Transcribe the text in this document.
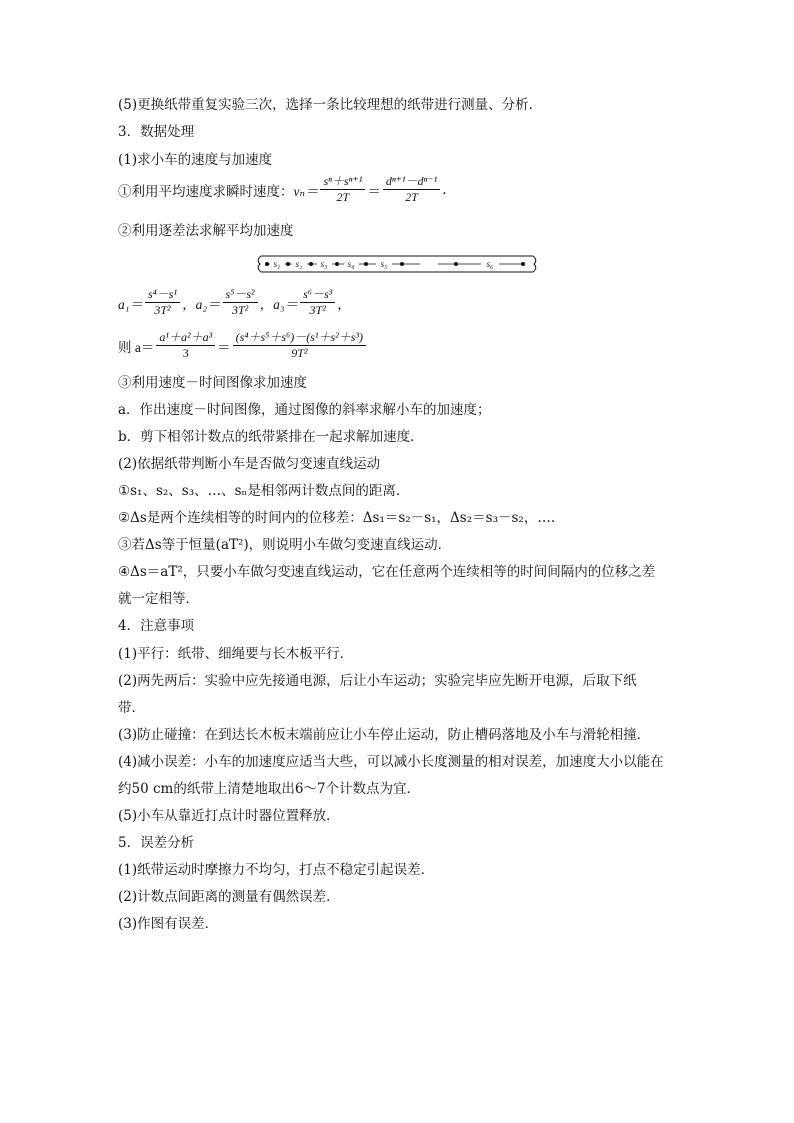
(5)更换纸带重复实验三次，选择一条比较理想的纸带进行测量、分析．
3．数据处理
(1)求小车的速度与加速度
①利用平均速度求瞬时速度： $v_n= \frac{\text{sⁿ＋sⁿ⁺¹}}{2T} = \frac{\text{dⁿ⁺¹－dⁿ⁻¹}}{2T}$ .
②利用逐差法求解平均加速度
s₁ s₂ s₃ s₄	s₅	s₆
$a_1= \frac{\text{s⁴－s¹}}{\text{3T²}}$ ，$a_2= \frac{\text{s⁵－s²}}{\text{3T²}}$ ，$a_3= \frac{\text{s⁶－s³}}{\text{3T²}}$ ，
则 $a= \frac{\text{a¹＋a²＋a³}}{3} = \frac{\text{(s⁴＋s⁵＋s⁶)－(s¹＋s²＋s³)}}{\text{9T²}}$
③利用速度－时间图像求加速度
a．作出速度－时间图像，通过图像的斜率求解小车的加速度；
b．剪下相邻计数点的纸带紧排在一起求解加速度．
(2)依据纸带判断小车是否做匀变速直线运动
①s₁、s₂、s₃、…、sₙ是相邻两计数点间的距离．
②Δs是两个连续相等的时间内的位移差：Δs₁＝s₂－s₁，Δs₂＝s₃－s₂，….
③若Δs等于恒量(aT²)，则说明小车做匀变速直线运动．
④Δs＝aT²，只要小车做匀变速直线运动，它在任意两个连续相等的时间间隔内的位移之差
就一定相等．
4．注意事项
(1)平行：纸带、细绳要与长木板平行．
(2)两先两后：实验中应先接通电源，后让小车运动；实验完毕应先断开电源，后取下纸
带．
(3)防止碰撞：在到达长木板末端前应让小车停止运动，防止槽码落地及小车与滑轮相撞．
(4)减小误差：小车的加速度应适当大些，可以减小长度测量的相对误差，加速度大小以能在
约50 cm的纸带上清楚地取出6～7个计数点为宜．
(5)小车从靠近打点计时器位置释放．
5．误差分析
(1)纸带运动时摩擦力不均匀，打点不稳定引起误差．
(2)计数点间距离的测量有偶然误差．
(3)作图有误差．
